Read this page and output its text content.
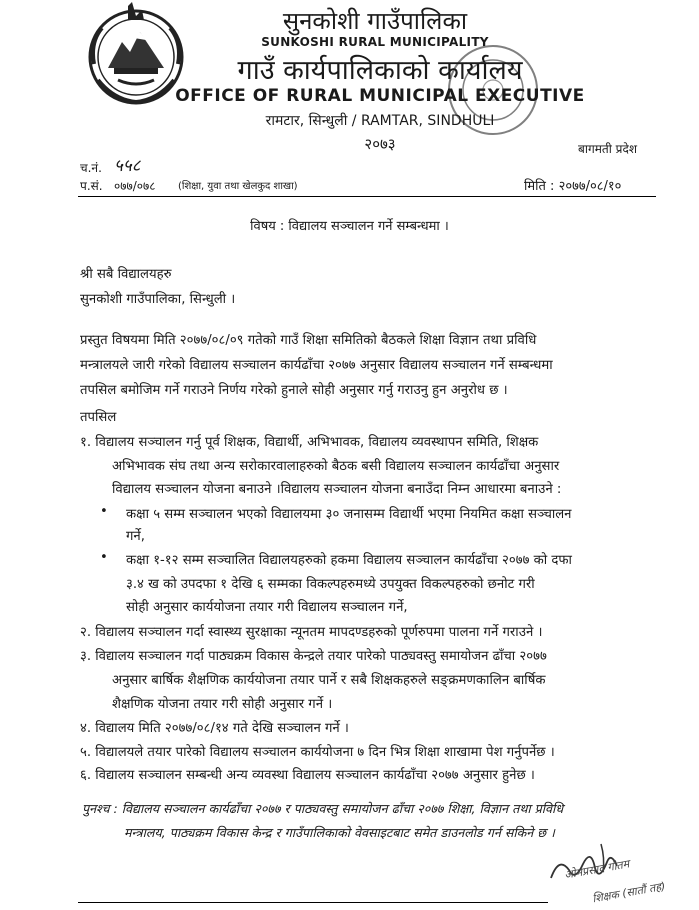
सुनकोशी गाउँपालिका
SUNKOSHI RURAL MUNICIPALITY
गाउँ कार्यपालिकाको कार्यालय
OFFICE OF RURAL MUNICIPAL EXECUTIVE
रामटार, सिन्धुली / RAMTAR, SINDHULI
२०७३	बागमती प्रदेश
च.नं. ५५८
प.सं. ०७७/०७८ (शिक्षा, युवा तथा खेलकुद शाखा)	मिति : २०७७/०८/१०
विषय : विद्यालय सञ्चालन गर्ने सम्बन्धमा ।
श्री सबै विद्यालयहरु
सुनकोशी गाउँपालिका, सिन्धुली ।
प्रस्तुत विषयमा मिति २०७७/०८/०९ गतेको गाउँ शिक्षा समितिको बैठकले शिक्षा विज्ञान तथा प्रविधि
मन्त्रालयले जारी गरेको विद्यालय सञ्चालन कार्यढाँचा २०७७ अनुसार विद्यालय सञ्चालन गर्ने सम्बन्धमा
तपसिल बमोजिम गर्ने गराउने निर्णय गरेको हुनाले सोही अनुसार गर्नु गराउनु हुन अनुरोध छ ।
तपसिल
१. विद्यालय सञ्चालन गर्नु पूर्व शिक्षक, विद्यार्थी, अभिभावक, विद्यालय व्यवस्थापन समिति, शिक्षक
अभिभावक संघ तथा अन्य सरोकारवालाहरुको बैठक बसी विद्यालय सञ्चालन कार्यढाँचा अनुसार
विद्यालय सञ्चालन योजना बनाउने ।विद्यालय सञ्चालन योजना बनाउँदा निम्न आधारमा बनाउने :
• कक्षा ५ सम्म सञ्चालन भएको विद्यालयमा ३० जनासम्म विद्यार्थी भएमा नियमित कक्षा सञ्चालन
गर्ने,
• कक्षा १-१२ सम्म सञ्चालित विद्यालयहरुको हकमा विद्यालय सञ्चालन कार्यढाँचा २०७७ को दफा
३.४ ख को उपदफा १ देखि ६ सम्मका विकल्पहरुमध्ये उपयुक्त विकल्पहरुको छनोट गरी
सोही अनुसार कार्ययोजना तयार गरी विद्यालय सञ्चालन गर्ने,
२. विद्यालय सञ्चालन गर्दा स्वास्थ्य सुरक्षाका न्यूनतम मापदण्डहरुको पूर्णरुपमा पालना गर्ने गराउने ।
३. विद्यालय सञ्चालन गर्दा पाठ्यक्रम विकास केन्द्रले तयार पारेको पाठ्यवस्तु समायोजन ढाँचा २०७७
अनुसार बार्षिक शैक्षणिक कार्ययोजना तयार पार्ने र सबै शिक्षकहरुले सङ्क्रमणकालिन बार्षिक
शैक्षणिक योजना तयार गरी सोही अनुसार गर्ने ।
४. विद्यालय मिति २०७७/०८/१४ गते देखि सञ्चालन गर्ने ।
५. विद्यालयले तयार पारेको विद्यालय सञ्चालन कार्ययोजना ७ दिन भित्र शिक्षा शाखामा पेश गर्नुपर्नेछ ।
६. विद्यालय सञ्चालन सम्बन्धी अन्य व्यवस्था विद्यालय सञ्चालन कार्यढाँचा २०७७ अनुसार हुनेछ ।
पुनश्च : विद्यालय सञ्चालन कार्यढाँचा २०७७ र पाठ्यवस्तु समायोजन ढाँचा २०७७ शिक्षा, विज्ञान तथा प्रविधि
मन्त्रालय, पाठ्यक्रम विकास केन्द्र र गाउँपालिकाको वेवसाइटबाट समेत डाउनलोड गर्न सकिने छ ।
ओमप्रसाद गौतम
शिक्षक (सातौं तह)
